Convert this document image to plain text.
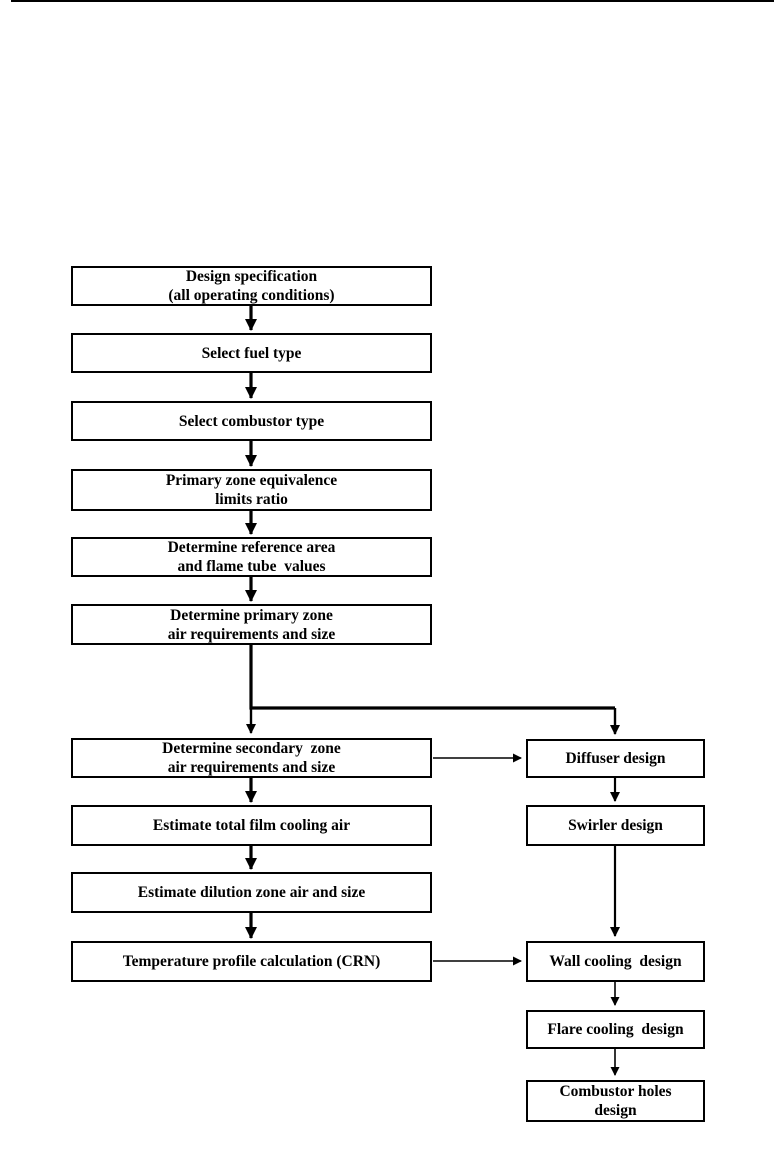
Design specification
(all operating conditions)
Select fuel type
Select combustor type
Primary zone equivalence
limits ratio
Determine reference area
and flame tube  values
Determine primary zone
air requirements and size
Determine secondary  zone
air requirements and size
Estimate total film cooling air
Estimate dilution zone air and size
Temperature profile calculation (CRN)
Diffuser design
Swirler design
Wall cooling  design
Flare cooling  design
Combustor holes
design
